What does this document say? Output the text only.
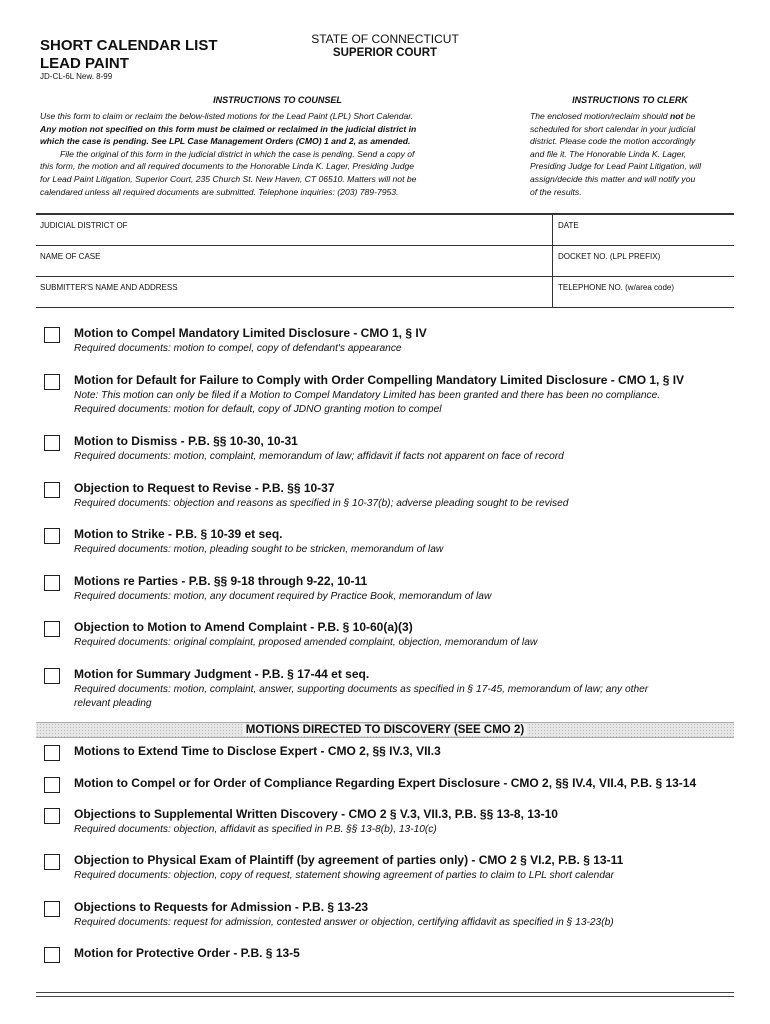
SHORT CALENDAR LIST
LEAD PAINT
JD-CL-6L New. 8-99
STATE OF CONNECTICUT
SUPERIOR COURT
INSTRUCTIONS TO COUNSEL
Use this form to claim or reclaim the below-listed motions for the Lead Paint (LPL) Short Calendar.
Any motion not specified on this form must be claimed or reclaimed in the judicial district in
which the case is pending. See LPL Case Management Orders (CMO) 1 and 2, as amended.
File the original of this form in the judicial district in which the case is pending. Send a copy of
this form, the motion and all required documents to the Honorable Linda K. Lager, Presiding Judge
for Lead Paint Litigation, Superior Court, 235 Church St. New Haven, CT 06510. Matters will not be
calendared unless all required documents are submitted. Telephone inquiries: (203) 789-7953.
INSTRUCTIONS TO CLERK
The enclosed motion/reclaim should not be
scheduled for short calendar in your judicial
district. Please code the motion accordingly
and file it. The Honorable Linda K. Lager,
Presiding Judge for Lead Paint Litigation, will
assign/decide this matter and will notify you
of the results.
JUDICIAL DISTRICT OF	DATE
NAME OF CASE	DOCKET NO. (LPL PREFIX)
SUBMITTER'S NAME AND ADDRESS	TELEPHONE NO. (w/area code)
Motion to Compel Mandatory Limited Disclosure - CMO 1, § IV
Required documents: motion to compel, copy of defendant's appearance
Motion for Default for Failure to Comply with Order Compelling Mandatory Limited Disclosure - CMO 1, § IV
Note: This motion can only be filed if a Motion to Compel Mandatory Limited has been granted and there has been no compliance.
Required documents: motion for default, copy of JDNO granting motion to compel
Motion to Dismiss - P.B. §§ 10-30, 10-31
Required documents: motion, complaint, memorandum of law; affidavit if facts not apparent on face of record
Objection to Request to Revise - P.B. §§ 10-37
Required documents: objection and reasons as specified in § 10-37(b); adverse pleading sought to be revised
Motion to Strike - P.B. § 10-39 et seq.
Required documents: motion, pleading sought to be stricken, memorandum of law
Motions re Parties - P.B. §§ 9-18 through 9-22, 10-11
Required documents: motion, any document required by Practice Book, memorandum of law
Objection to Motion to Amend Complaint - P.B. § 10-60(a)(3)
Required documents: original complaint, proposed amended complaint, objection, memorandum of law
Motion for Summary Judgment - P.B. § 17-44 et seq.
Required documents: motion, complaint, answer, supporting documents as specified in § 17-45, memorandum of law; any other
relevant pleading
MOTIONS DIRECTED TO DISCOVERY (SEE CMO 2)
Motions to Extend Time to Disclose Expert - CMO 2, §§ IV.3, VII.3
Motion to Compel or for Order of Compliance Regarding Expert Disclosure - CMO 2, §§ IV.4, VII.4, P.B. § 13-14
Objections to Supplemental Written Discovery - CMO 2 § V.3, VII.3, P.B. §§ 13-8, 13-10
Required documents: objection, affidavit as specified in P.B. §§ 13-8(b), 13-10(c)
Objection to Physical Exam of Plaintiff (by agreement of parties only) - CMO 2 § VI.2, P.B. § 13-11
Required documents: objection, copy of request, statement showing agreement of parties to claim to LPL short calendar
Objections to Requests for Admission - P.B. § 13-23
Required documents: request for admission, contested answer or objection, certifying affidavit as specified in § 13-23(b)
Motion for Protective Order - P.B. § 13-5
